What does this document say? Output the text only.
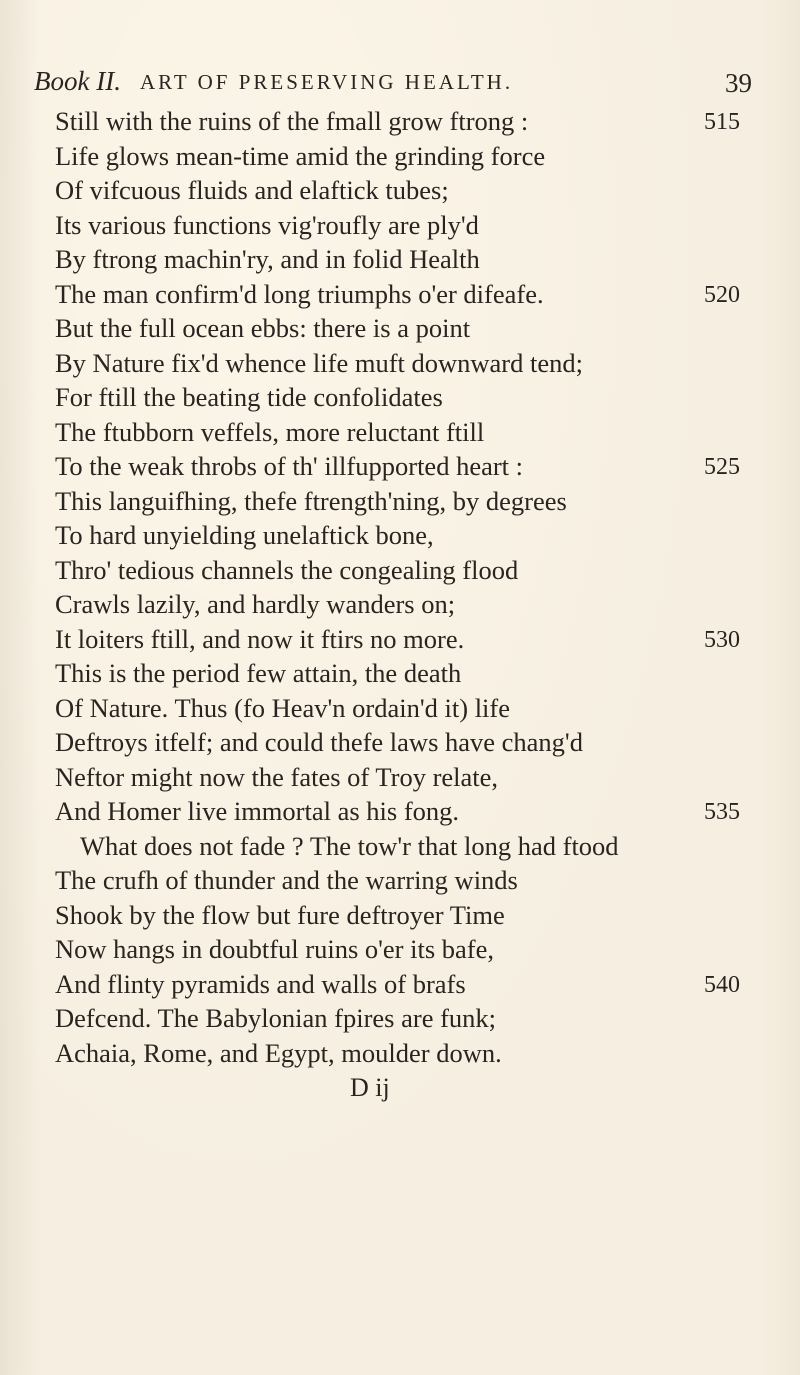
Book II. ART OF PRESERVING HEALTH.	39
Still with the ruins of the fmall grow ftrong :
Life glows mean-time amid the grinding force
Of vifcuous fluids and elaftick tubes;
Its various functions vig'roufly are ply'd
By ftrong machin'ry, and in folid Health
The man confirm'd long triumphs o'er difeafe.
But the full ocean ebbs: there is a point
By Nature fix'd whence life muft downward tend;
For ftill the beating tide confolidates
The ftubborn veffels, more reluctant ftill
To the weak throbs of th' illfupported heart :
This languifhing, thefe ftrength'ning, by degrees
To hard unyielding unelaftick bone,
Thro' tedious channels the congealing flood
Crawls lazily, and hardly wanders on;
It loiters ftill, and now it ftirs no more.
This is the period few attain, the death
Of Nature. Thus (fo Heav'n ordain'd it) life
Deftroys itfelf; and could thefe laws have chang'd
Neftor might now the fates of Troy relate,
And Homer live immortal as his fong.
What does not fade ? The tow'r that long had ftood
The crufh of thunder and the warring winds
Shook by the flow but fure deftroyer Time
Now hangs in doubtful ruins o'er its bafe,
And flinty pyramids and walls of brafs
Defcend. The Babylonian fpires are funk;
Achaia, Rome, and Egypt, moulder down.
515
520
525
530
535
540
D ij
